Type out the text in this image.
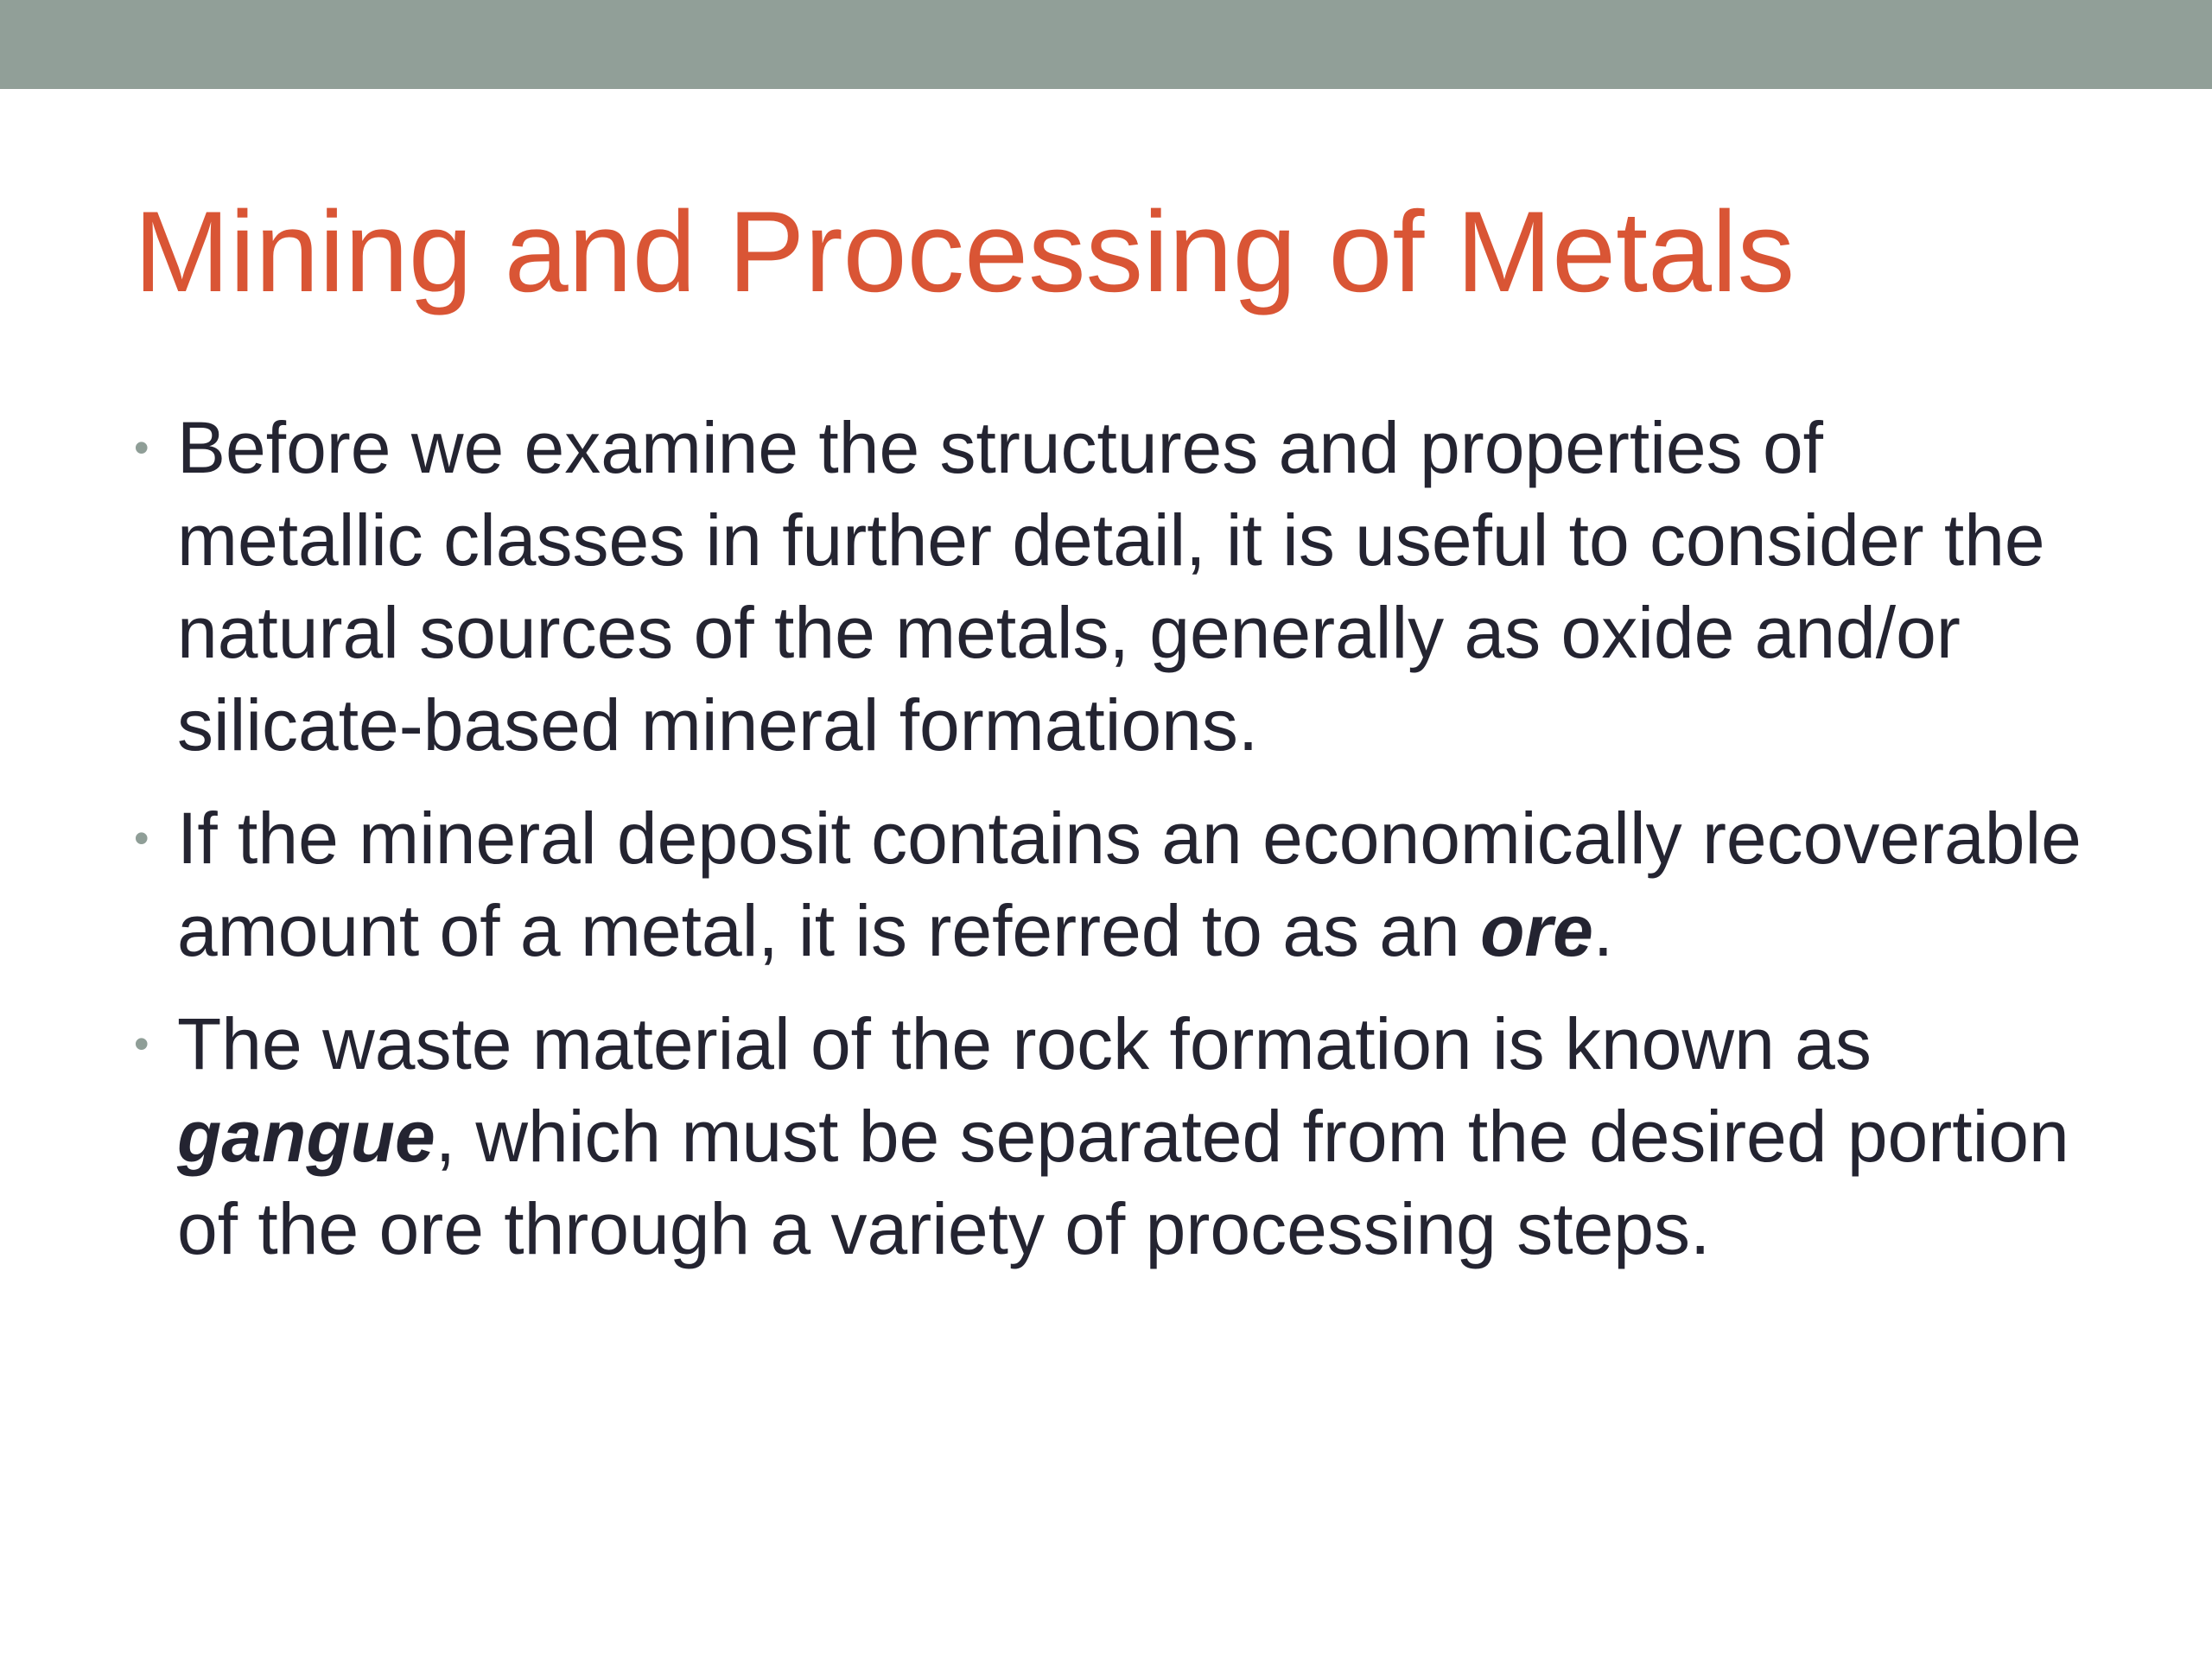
Mining and Processing of Metals
• Before we examine the structures and properties of metallic classes in further detail, it is useful to consider the natural sources of the metals, generally as oxide and/or silicate-based mineral formations.
• If the mineral deposit contains an economically recoverable amount of a metal, it is referred to as an ore.
• The waste material of the rock formation is known as gangue, which must be separated from the desired portion of the ore through a variety of processing steps.
